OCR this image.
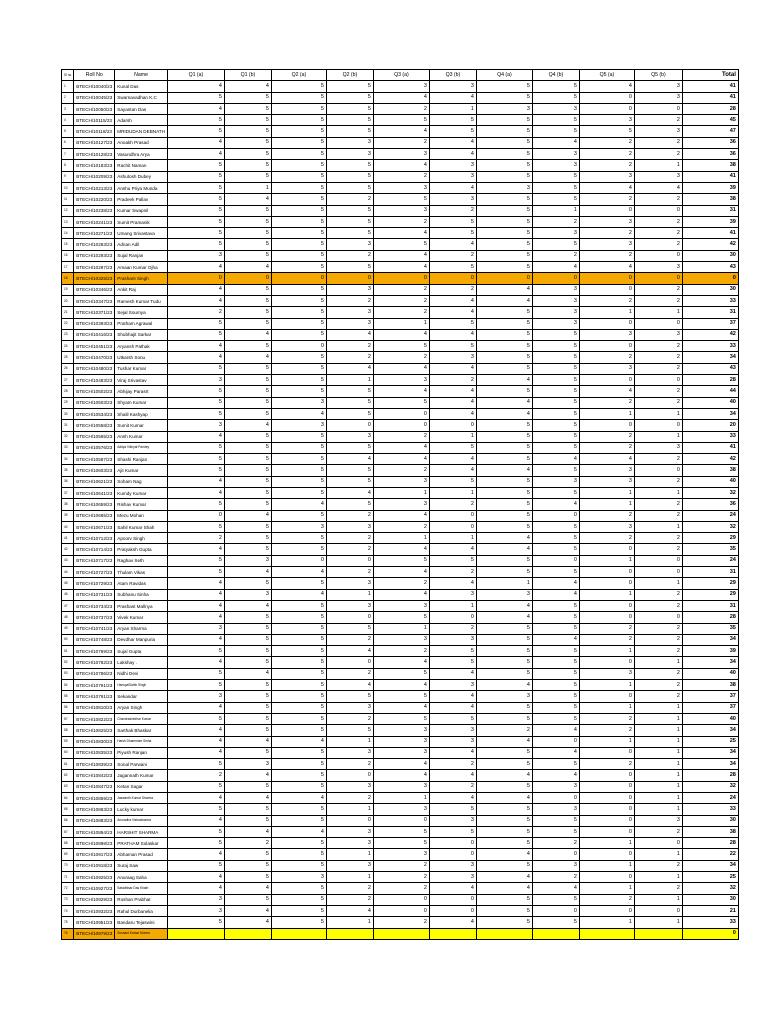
Sl no	Roll No	Name	Q1 (a)	Q1 (b)	Q2 (a)	Q2 (b)	Q3 (a)	Q3 (b)	Q4 (a)	Q4 (b)	Q5 (a)	Q5 (b)	Total
1	BTECH/10040/23	Kunal Das	4	4	5	5	3	3	5	5	4	3	41
2	BTECH/10045/23	Swarnavadhan K.C	5	5	5	5	4	4	5	5	0	3	41
3	BTECH/10050/23	Sayantan Das	4	5	5	5	2	1	3	3	0	0	28
4	BTECH/10115/23	Adarsh	5	5	5	5	5	5	5	5	3	2	45
5	BTECH/10118/23	MRIDUDAN DEBNATH	5	5	5	5	4	5	5	5	5	3	47
6	BTECH/10127/23	Anoakh Prasad	4	5	5	3	2	4	5	4	2	2	36
7	BTECH/10128/23	Vasundhra Arya	4	5	5	3	3	4	5	3	2	2	36
8	BTECH/10183/23	Rachit Naman	5	5	5	5	4	3	5	3	2	1	38
9	BTECH/10209/23	Ashutosh Dubey	5	5	5	5	2	3	5	5	3	3	41
10	BTECH/10213/23	Anshu Priya Munda	5	1	5	5	3	4	3	5	4	4	39
11	BTECH/10220/23	Pradeek Pallav	5	4	5	2	5	3	5	5	2	2	38
12	BTECH/10238/23	Kumar Swapnil	5	5	5	5	3	2	5	1	0	0	31
13	BTECH/10241/23	Sumit Pramanik	5	5	5	5	2	5	5	2	3	2	39
14	BTECH/10271/23	Umang Srivastava	5	5	5	5	4	5	5	3	2	2	41
15	BTECH/10283/23	Adnan Adil	5	5	5	3	5	4	5	5	3	2	42
16	BTECH/10293/23	Sujal Ranjan	3	5	5	2	4	2	5	2	2	0	30
17	BTECH/10297/23	Amaan Kumar Ojha	4	4	5	5	4	5	5	4	4	3	43
18	BTECH/10325/23	Prashant Singh	0	0	0	0	0	0	0	0	0	0	0
19	BTECH/10346/23	Ankit Raj	4	5	5	3	2	2	4	3	0	2	30
20	BTECH/10347/23	Ramesh Kumar Tudu	4	5	5	2	2	4	4	3	2	2	33
21	BTECH/10371/23	Sejal Soumya	2	5	5	3	2	4	5	3	1	1	31
22	BTECH/10393/23	Pratham Agrawal	5	5	5	3	1	5	5	3	0	0	37
23	BTECH/10416/23	Shubhajit Sarkar	5	4	5	4	4	4	5	5	3	3	42
24	BTECH/10451/23	Aryansh Pathak	4	5	0	2	5	5	5	5	0	2	33
25	BTECH/10470/23	Utkarsh Sonu	4	4	5	2	2	3	5	5	2	2	34
26	BTECH/10480/23	Tushar Kumar	5	5	5	4	4	4	5	5	3	2	43
27	BTECH/10483/23	Viraj Srivastav	3	5	5	1	3	2	4	5	0	0	28
28	BTECH/10502/23	Abhijay Parasrt	5	5	5	5	4	4	5	5	4	2	44
29	BTECH/10503/23	Shyam Kumar	5	5	3	5	5	4	4	5	2	2	40
30	BTECH/10534/23	Shalil Kashyap	5	5	4	5	0	4	4	5	1	1	34
31	BTECH/10558/23	Sumit Kumar	3	4	3	0	0	0	5	5	0	0	20
32	BTECH/10565/23	Ansh Kumar	4	5	5	3	2	1	5	5	2	1	33
33	BTECH/10576/23	Aditya Vikhyat Pandey	5	5	5	5	4	5	5	5	2	3	41
34	BTECH/10587/23	Shashi Ranjan	5	5	5	4	4	4	5	4	4	2	42
35	BTECH/10603/23	Ajit Kumar	5	5	5	5	2	4	4	5	3	0	38
36	BTECH/10621/23	Soham Nag	4	5	5	5	3	5	5	3	3	2	40
37	BTECH/10641/23	Kumdy Kumar	4	5	5	4	1	1	5	5	1	1	32
38	BTECH/10659/23	Rishav Kumar	5	5	4	5	3	2	5	4	1	2	36
39	BTECH/10665/23	Mezu Mohan	0	4	5	2	4	0	5	0	2	2	24
40	BTECH/10671/23	Sahil Kumar Shah	5	5	3	3	2	0	5	5	3	1	32
41	BTECH/10712/23	Apoorv Singh	2	5	5	2	1	1	4	5	2	2	29
42	BTECH/10714/23	Pratyaksh Gupta	4	5	5	2	4	4	4	5	0	2	35
43	BTECH/10717/23	Raghav Seth	5	3	0	0	5	5	5	0	1	0	24
44	BTECH/10727/23	Thulam Vikas	5	4	4	2	4	2	5	5	0	0	31
45	BTECH/10729/23	Atam Ravidas	4	5	5	3	2	4	1	4	0	1	29
46	BTECH/10731/23	Subhanu Sinha	4	3	4	1	4	3	3	4	1	2	29
47	BTECH/10734/23	Prashast Mallnya	4	4	5	3	3	1	4	5	0	2	31
48	BTECH/10737/23	Vivek Kumar	4	5	5	0	5	0	4	5	0	0	28
49	BTECH/10741/23	Aryan Sharma	3	5	5	5	1	2	5	5	2	2	35
50	BTECH/10748/23	Devdhar Manpuria	4	5	5	2	3	3	5	4	2	2	34
51	BTECH/10769/23	Sujal Gupta	5	5	5	4	2	5	5	5	1	2	39
52	BTECH/10782/23	Lakshay .	4	5	5	0	4	5	5	5	0	1	34
53	BTECH/10786/23	Nidhi Devi	5	4	5	2	5	4	5	5	3	2	40
54	BTECH/10791/23	HanspalSahib Singh	5	5	5	4	4	3	4	5	1	2	38
55	BTECH/10791/23	Sekandar	3	5	5	5	5	4	3	5	0	2	37
56	BTECH/10810/23	Aryan Singh	4	5	5	3	4	4	5	5	1	1	37
57	BTECH/10822/23	Chandrashekhar Kumar	5	5	5	2	5	5	5	5	2	1	40
58	BTECH/10825/23	Sarthak Bhaskar	4	5	5	5	3	3	2	4	2	1	34
59	BTECH/10830/23	Harsh Dhammam Sinha	4	4	4	1	3	3	4	0	1	1	25
60	BTECH/10835/23	Piyush Ranjan	4	5	5	3	3	4	5	4	0	1	34
61	BTECH/10839/23	Sonal Parwani	5	3	5	2	4	2	5	5	2	1	34
62	BTECH/10842/23	Jagannath Kumar	2	4	5	0	4	4	4	4	0	1	28
63	BTECH/10847/23	Ketan Sagar	5	5	5	3	3	2	5	3	0	1	32
64	BTECH/10859/23	Jaswanth Kumar Sharma	4	4	4	2	1	4	4	0	0	1	24
65	BTECH/10863/23	Lucky kumar	5	5	5	1	3	5	5	3	0	1	33
66	BTECH/10883/23	Anuradha Vishwakarma	4	5	5	0	0	3	5	5	0	3	30
67	BTECH/10894/23	HARSHIT SHARMA	5	4	4	3	5	5	5	5	0	2	38
68	BTECH/10898/23	PRATHAM Solaskar	5	2	5	3	5	0	5	2	1	0	28
69	BTECH/10917/23	Abhaman Prasad	4	5	5	1	3	0	4	0	0	1	22
70	BTECH/10918/23	Suraj Saw	5	5	5	3	2	3	5	3	1	2	34
71	BTECH/10925/23	Anuraag Saha	4	5	3	1	2	3	4	2	0	1	25
72	BTECH/10927/23	Satadhisar Das Khatri	4	4	5	2	2	4	4	4	1	2	32
73	BTECH/10929/23	Roshan Prabhat	3	5	5	2	0	0	5	5	2	1	30
74	BTECH/10932/23	Rahul Durbanelia	3	4	5	4	0	0	5	0	0	0	21
75	BTECH/10951/23	Bandaru Tejaswini	5	4	5	1	2	4	5	5	1	1	33
76	BTECH/10979/23	Sushant Kumar Murmu											0
